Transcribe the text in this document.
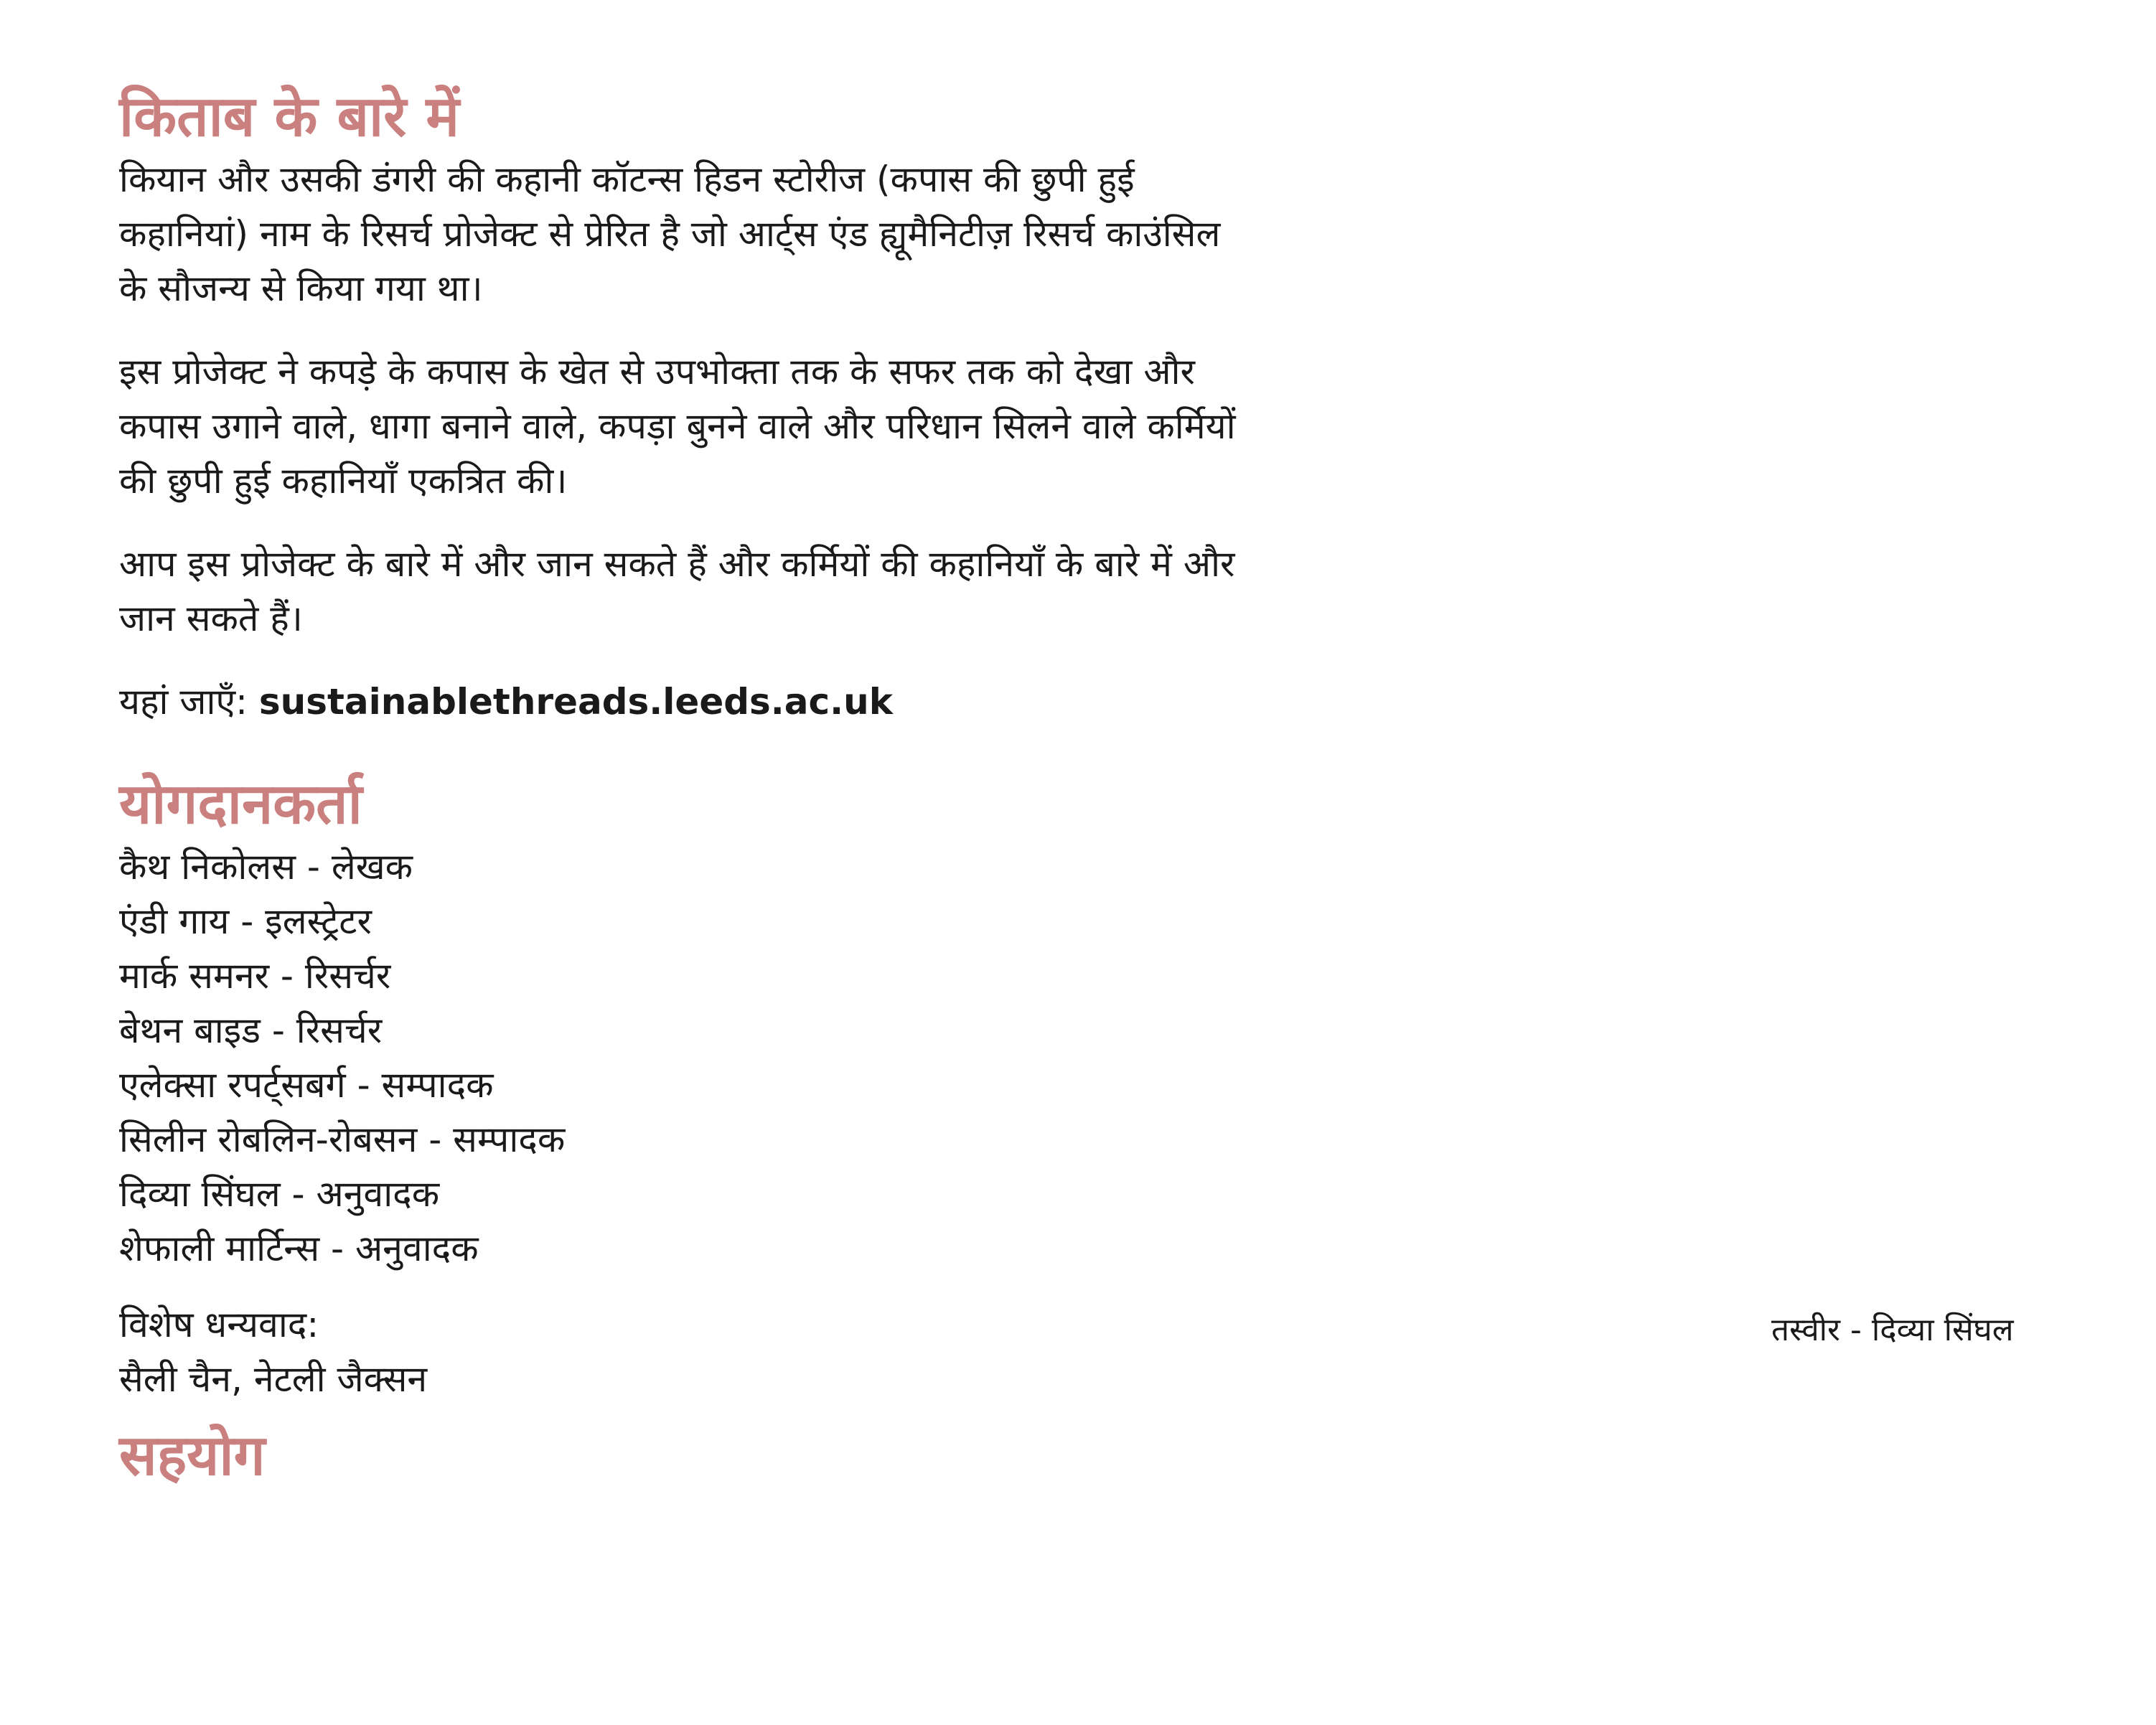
किताब के बारे में

कियान और उसकी डंगरी की कहानी कॉटन्स हिडन स्टोरीज (कपास की छुपी हुई कहानियां) नाम के रिसर्च प्रोजेक्ट से प्रेरित है जो आर्ट्स एंड ह्यूमैनिटीज़ रिसर्च काउंसिल के सौजन्य से किया गया था।

इस प्रोजेक्ट ने कपड़े के कपास के खेत से उपभोक्ता तक के सफर तक को देखा और कपास उगाने वाले, धागा बनाने वाले, कपड़ा बुनने वाले और परिधान सिलने वाले कर्मियों की छुपी हुई कहानियाँ एकत्रित की।

आप इस प्रोजेक्ट के बारे में और जान सकते हैं और कर्मियों की कहानियाँ के बारे में और जान सकते हैं।

यहां जाएँ: sustainablethreads.leeds.ac.uk

योगदानकर्ता
कैथ निकोलस - लेखक
एंडी गाय - इलस्ट्रेटर
मार्क समनर - रिसर्चर
बेथन बाइड - रिसर्चर
एलेक्सा रपर्ट्सबर्ग - सम्पादक
सिलीन रोबलिन-रोबसन - सम्पादक
दिव्या सिंघल - अनुवादक
शेफाली मार्टिन्स - अनुवादक

विशेष धन्यवाद:

सैली चैन, नेटली जैक्सन

सहयोग

तस्वीर - दिव्या सिंघल
